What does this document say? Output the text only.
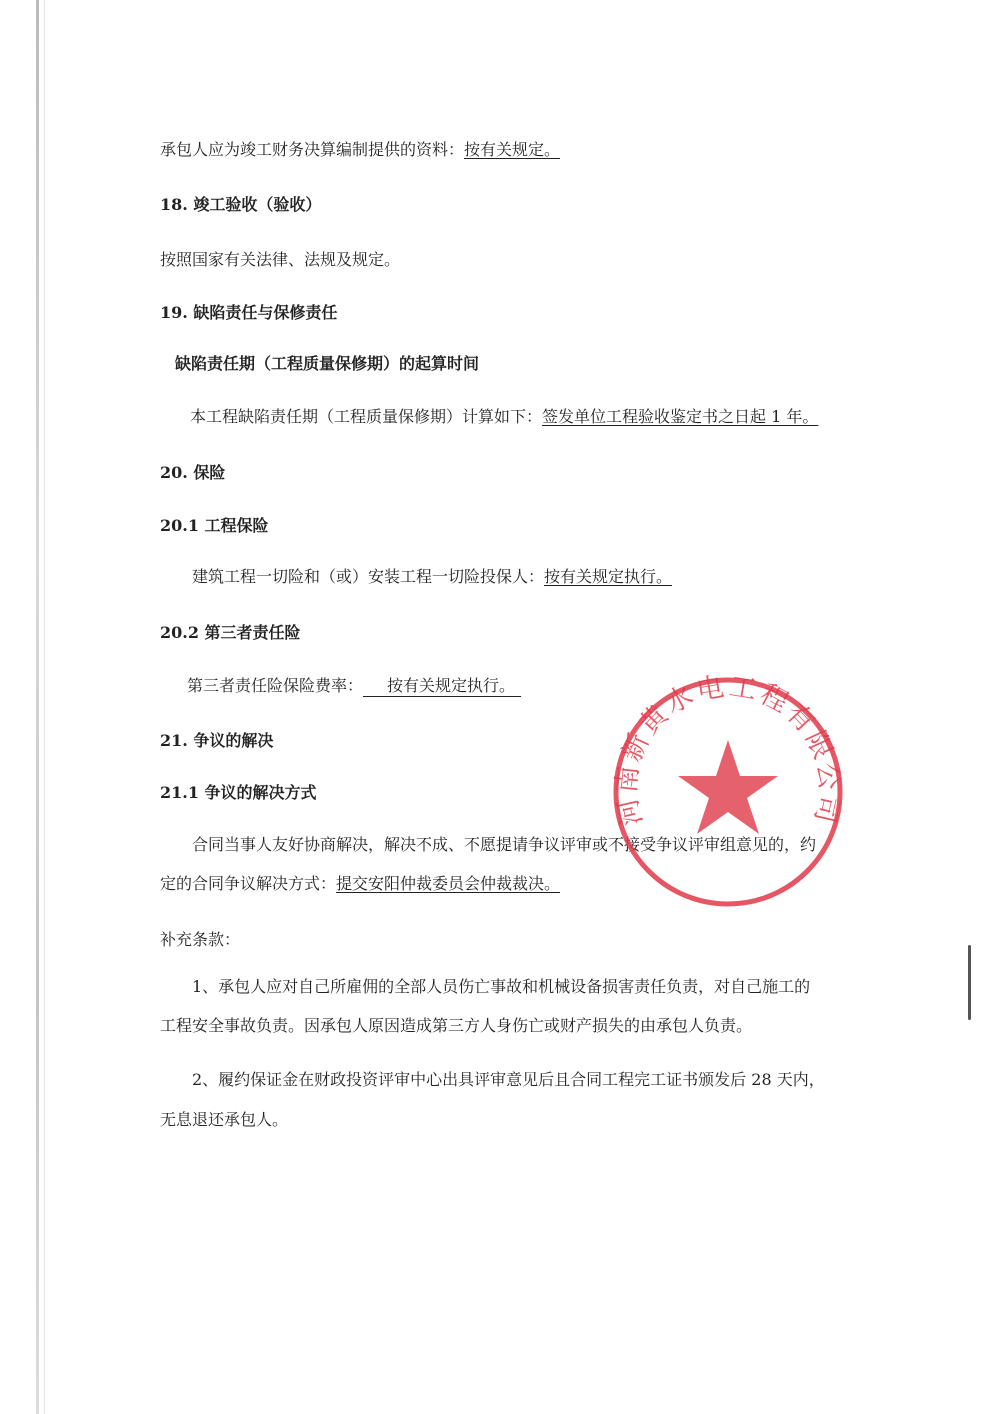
承包人应为竣工财务决算编制提供的资料：按有关规定。
18. 竣工验收（验收）
按照国家有关法律、法规及规定。
19. 缺陷责任与保修责任
缺陷责任期（工程质量保修期）的起算时间
本工程缺陷责任期（工程质量保修期）计算如下：签发单位工程验收鉴定书之日起 1 年。
20. 保险
20.1 工程保险
建筑工程一切险和（或）安装工程一切险投保人：按有关规定执行。
20.2 第三者责任险
第三者责任险保险费率： 按有关规定执行。
21. 争议的解决
21.1 争议的解决方式
合同当事人友好协商解决，解决不成、不愿提请争议评审或不接受争议评审组意见的，约
定的合同争议解决方式：提交安阳仲裁委员会仲裁裁决。
补充条款：
1、承包人应对自己所雇佣的全部人员伤亡事故和机械设备损害责任负责，对自己施工的
工程安全事故负责。因承包人原因造成第三方人身伤亡或财产损失的由承包人负责。
2、履约保证金在财政投资评审中心出具评审意见后且合同工程完工证书颁发后 28 天内，
无息退还承包人。
河南新黄水电工程有限公司
